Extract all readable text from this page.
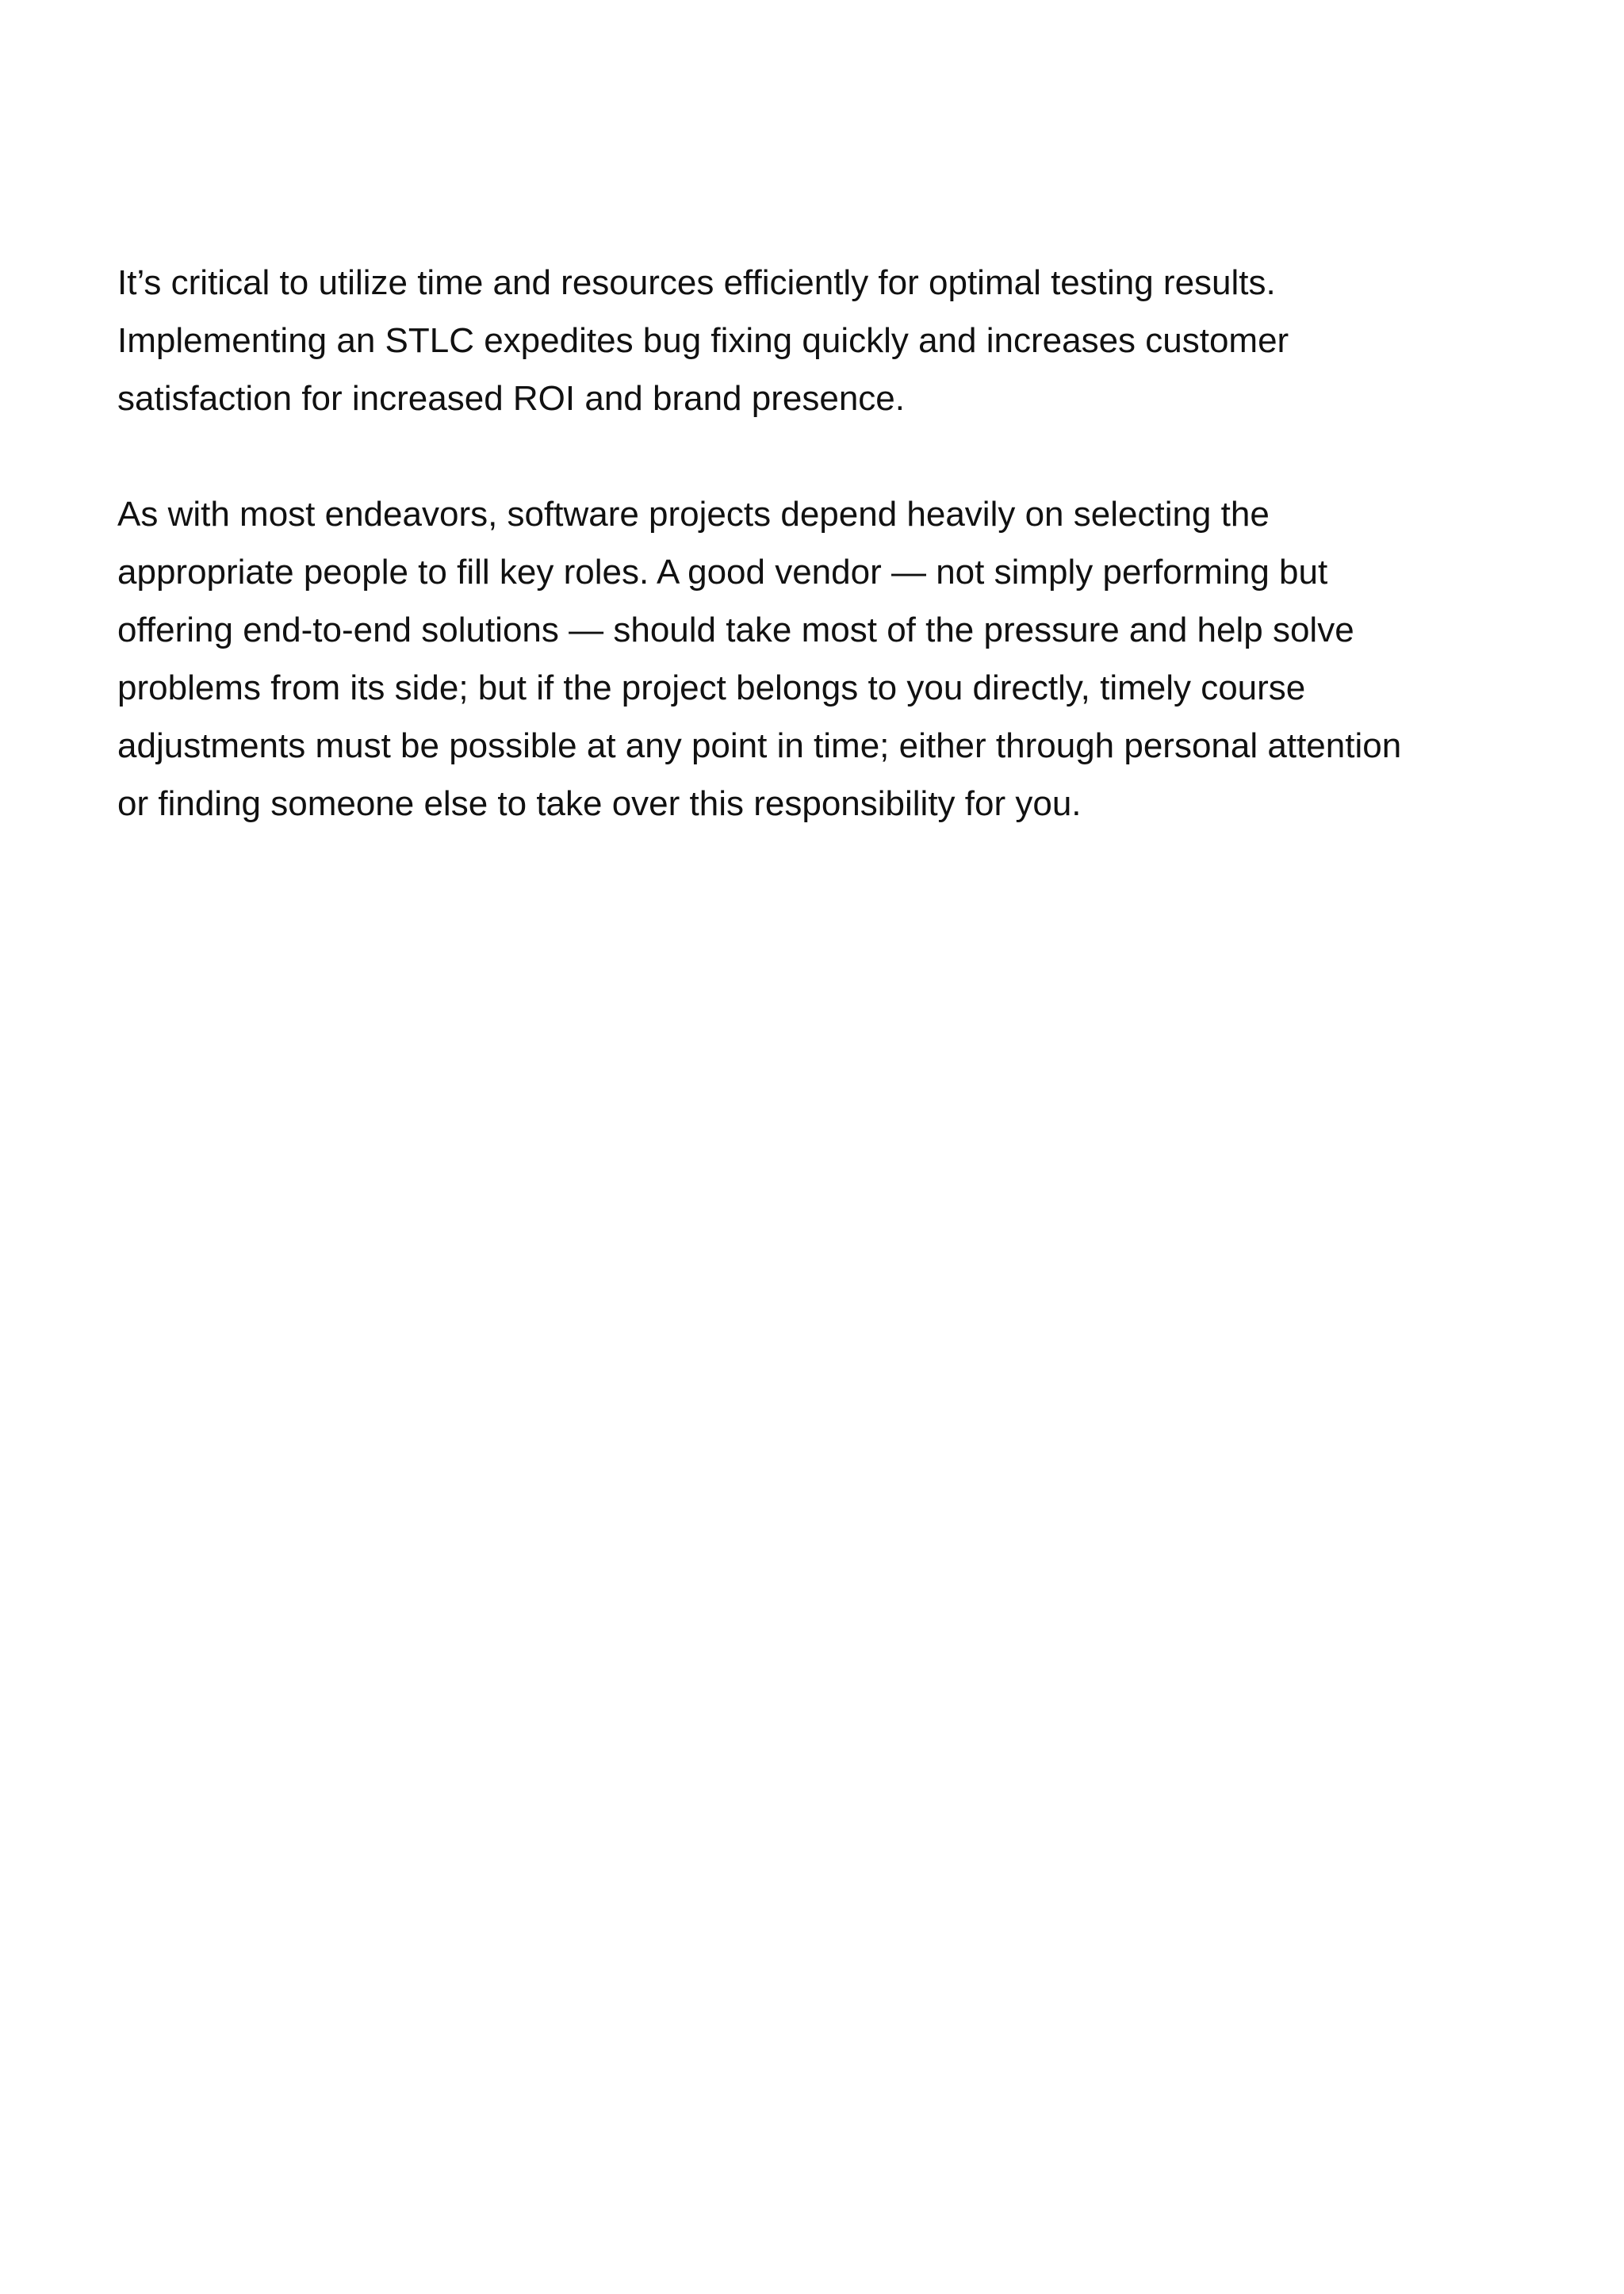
It’s critical to utilize time and resources efficiently for optimal testing results. Implementing an STLC expedites bug fixing quickly and increases customer satisfaction for increased ROI and brand presence.

As with most endeavors, software projects depend heavily on selecting the appropriate people to fill key roles. A good vendor — not simply performing but offering end-to-end solutions — should take most of the pressure and help solve problems from its side; but if the project belongs to you directly, timely course adjustments must be possible at any point in time; either through personal attention or finding someone else to take over this responsibility for you.
